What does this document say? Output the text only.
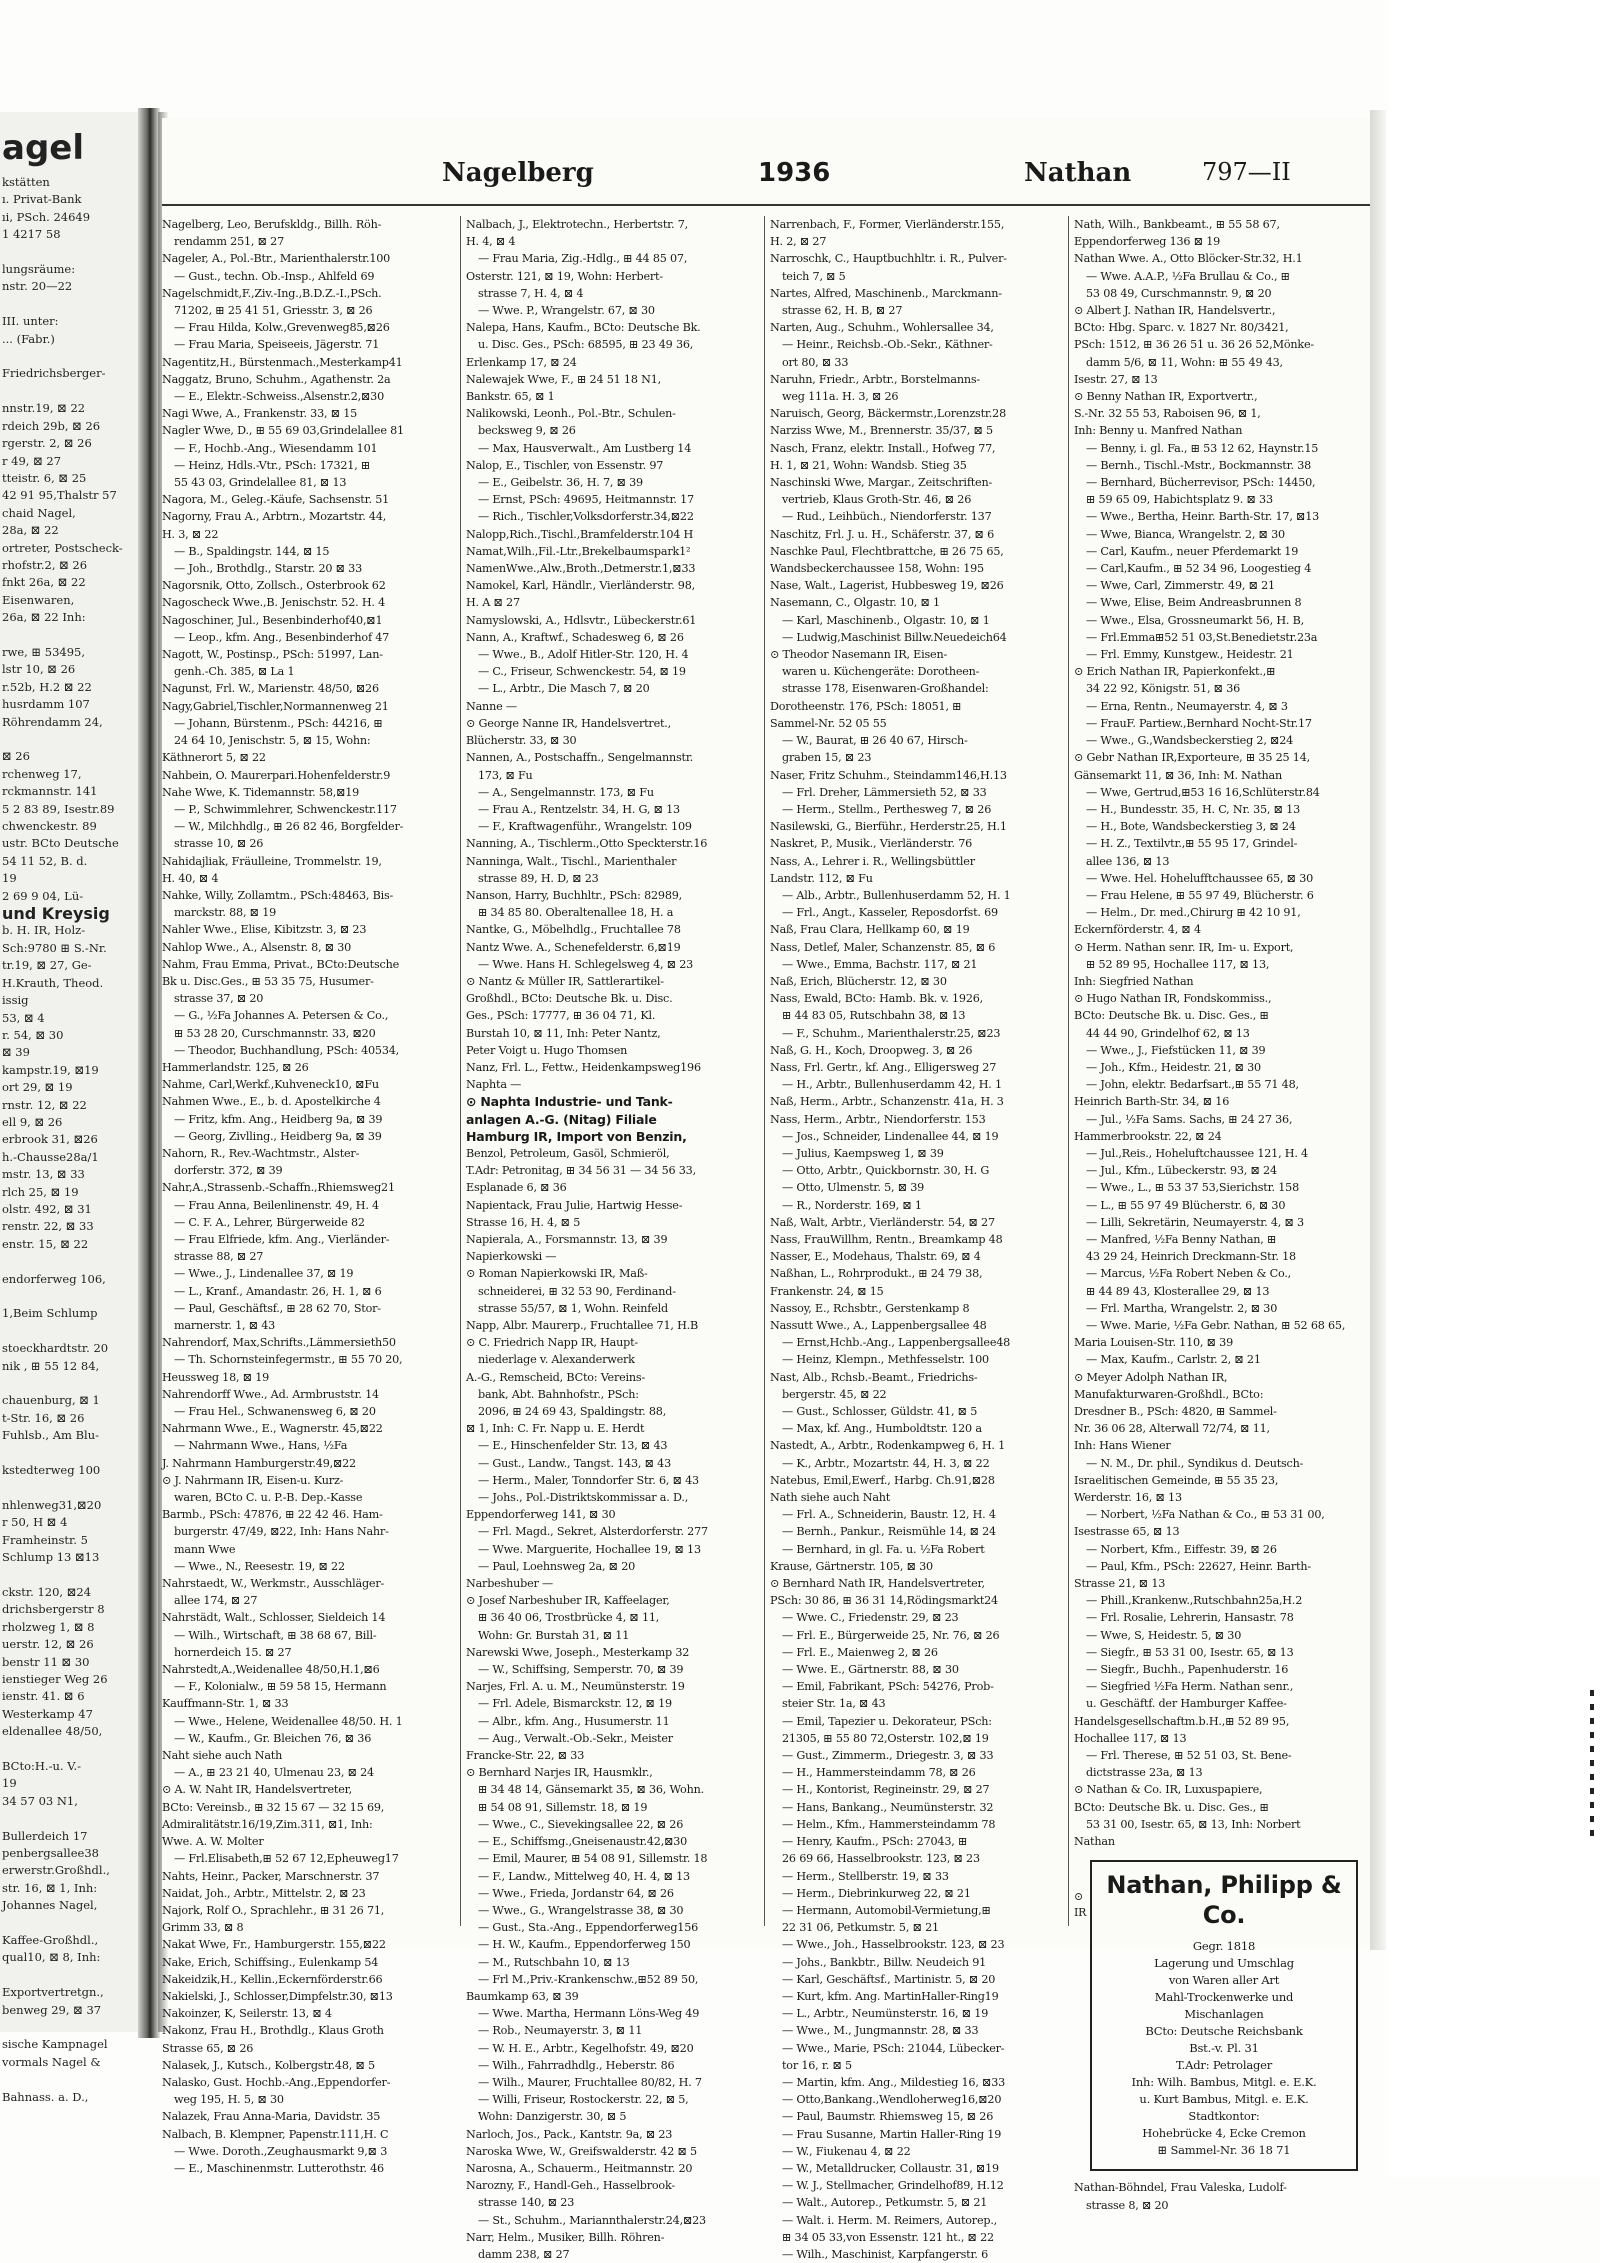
agel
kstätten
ı. Privat-Bank
ıi, PSch. 24649
1 4217 58

lungsräume:
nstr. 20—22

III. unter:
... (Fabr.)

Friedrichsberger-

nnstr.19, ⊠ 22
rdeich 29b, ⊠ 26
rgerstr. 2, ⊠ 26
r 49, ⊠ 27
tteistr. 6, ⊠ 25
42 91 95,Thalstr 57
chaid Nagel,
28a, ⊠ 22
ortreter, Postscheck-
rhofstr.2, ⊠ 26
fnkt 26a, ⊠ 22
Eisenwaren,
26a, ⊠ 22 Inh:

rwe, ⊞ 53495,
lstr 10, ⊠ 26
r.52b, H.2 ⊠ 22
husrdamm 107
Röhrendamm 24,

⊠ 26
rchenweg 17,
rckmannstr. 141
5 2 83 89, Isestr.89
chwenckestr. 89
ustr. BCto Deutsche
54 11 52, B. d.
19
2 69 9 04, Lü-
und Kreysig
b. H. IR, Holz-
Sch:9780 ⊞ S.-Nr.
tr.19, ⊠ 27, Ge-
H.Krauth, Theod.
issig
53, ⊠ 4
r. 54, ⊠ 30
⊠ 39
kampstr.19, ⊠19
ort 29, ⊠ 19
rnstr. 12, ⊠ 22
ell 9, ⊠ 26
erbrook 31, ⊠26
h.-Chausse28a/1
mstr. 13, ⊠ 33
rlch 25, ⊠ 19
olstr. 492, ⊠ 31
renstr. 22, ⊠ 33
enstr. 15, ⊠ 22

endorferweg 106,

1,Beim Schlump

stoeckhardtstr. 20
nik , ⊞ 55 12 84,

chauenburg, ⊠ 1
t-Str. 16, ⊠ 26
Fuhlsb., Am Blu-

kstedterweg 100

nhlenweg31,⊠20
r 50, H ⊠ 4
Framheinstr. 5
Schlump 13 ⊠13

ckstr. 120, ⊠24
drichsbergerstr 8
rholzweg 1, ⊠ 8
uerstr. 12, ⊠ 26
benstr 11 ⊠ 30
ienstieger Weg 26
ienstr. 41. ⊠ 6
Westerkamp 47
eldenallee 48/50,

BCto:H.-u. V.-
19
34 57 03 N1,

Bullerdeich 17
penbergsallee38
erwerstr.Großhdl.,
str. 16, ⊠ 1, Inh:
Johannes Nagel,

Kaffee-Großhdl.,
qual10, ⊠ 8, Inh:

Exportvertretgn.,
benweg 29, ⊠ 37

sische Kampnagel
vormals Nagel &

Bahnass. a. D.,
Nagelberg	1936	Nathan	797—II
Nagelberg, Leo, Berufskldg., Billh. Röh-
rendamm 251, ⊠ 27
Nageler, A., Pol.-Btr., Marienthalerstr.100
— Gust., techn. Ob.-Insp., Ahlfeld 69
Nagelschmidt,F.,Ziv.-Ing.,B.D.Z.-I.,PSch.
71202, ⊞ 25 41 51, Griesstr. 3, ⊠ 26
— Frau Hilda, Kolw.,Grevenweg85,⊠26
— Frau Maria, Speiseeis, Jägerstr. 71
Nagentitz,H., Bürstenmach.,Mesterkamp41
Naggatz, Bruno, Schuhm., Agathenstr. 2a
— E., Elektr.-Schweiss.,Alsenstr.2,⊠30
Nagi Wwe, A., Frankenstr. 33, ⊠ 15
Nagler Wwe, D., ⊞ 55 69 03,Grindelallee 81
— F., Hochb.-Ang., Wiesendamm 101
— Heinz, Hdls.-Vtr., PSch: 17321, ⊞
55 43 03, Grindelallee 81, ⊠ 13
Nagora, M., Geleg.-Käufe, Sachsenstr. 51
Nagorny, Frau A., Arbtrn., Mozartstr. 44,
H. 3, ⊠ 22
— B., Spaldingstr. 144, ⊠ 15
— Joh., Brothdlg., Starstr. 20 ⊠ 33
Nagorsnik, Otto, Zollsch., Osterbrook 62
Nagoscheck Wwe.,B. Jenischstr. 52. H. 4
Nagoschiner, Jul., Besenbinderhof40,⊠1
— Leop., kfm. Ang., Besenbinderhof 47
Nagott, W., Postinsp., PSch: 51997, Lan-
genh.-Ch. 385, ⊠ La 1
Nagunst, Frl. W., Marienstr. 48/50, ⊠26
Nagy,Gabriel,Tischler,Normannenweg 21
— Johann, Bürstenm., PSch: 44216, ⊞
24 64 10, Jenischstr. 5, ⊠ 15, Wohn:
Käthnerort 5, ⊠ 22
Nahbein, O. Maurerpari.Hohenfelderstr.9
Nahe Wwe, K. Tidemannstr. 58,⊠19
— P., Schwimmlehrer, Schwenckestr.117
— W., Milchhdlg., ⊞ 26 82 46, Borgfelder-
strasse 10, ⊠ 26
Nahidajliak, Fräulleine, Trommelstr. 19,
H. 40, ⊠ 4
Nahke, Willy, Zollamtm., PSch:48463, Bis-
marckstr. 88, ⊠ 19
Nahler Wwe., Elise, Kibitzstr. 3, ⊠ 23
Nahlop Wwe., A., Alsenstr. 8, ⊠ 30
Nahm, Frau Emma, Privat., BCto:Deutsche
Bk u. Disc.Ges., ⊞ 53 35 75, Husumer-
strasse 37, ⊠ 20
— G., ½Fa Johannes A. Petersen & Co.,
⊞ 53 28 20, Curschmannstr. 33, ⊠20
— Theodor, Buchhandlung, PSch: 40534,
Hammerlandstr. 125, ⊠ 26
Nahme, Carl,Werkf.,Kuhveneck10, ⊠Fu
Nahmen Wwe., E., b. d. Apostelkirche 4
— Fritz, kfm. Ang., Heidberg 9a, ⊠ 39
— Georg, Zivlling., Heidberg 9a, ⊠ 39
Nahorn, R., Rev.-Wachtmstr., Alster-
dorferstr. 372, ⊠ 39
Nahr,A.,Strassenb.-Schaffn.,Rhiemsweg21
— Frau Anna, Beilenlinenstr. 49, H. 4
— C. F. A., Lehrer, Bürgerweide 82
— Frau Elfriede, kfm. Ang., Vierländer-
strasse 88, ⊠ 27
— Wwe., J., Lindenallee 37, ⊠ 19
— L., Kranf., Amandastr. 26, H. 1, ⊠ 6
— Paul, Geschäftsf., ⊞ 28 62 70, Stor-
marnerstr. 1, ⊠ 43
Nahrendorf, Max,Schrifts.,Lämmersieth50
— Th. Schornsteinfegermstr., ⊞ 55 70 20,
Heussweg 18, ⊠ 19
Nahrendorff Wwe., Ad. Armbruststr. 14
— Frau Hel., Schwanensweg 6, ⊠ 20
Nahrmann Wwe., E., Wagnerstr. 45,⊠22
— Nahrmann Wwe., Hans, ½Fa
J. Nahrmann Hamburgerstr.49,⊠22
⊙ J. Nahrmann IR, Eisen-u. Kurz-
waren, BCto C. u. P.-B. Dep.-Kasse
Barmb., PSch: 47876, ⊞ 22 42 46. Ham-
burgerstr. 47/49, ⊠22, Inh: Hans Nahr-
mann Wwe
— Wwe., N., Reesestr. 19, ⊠ 22
Nahrstaedt, W., Werkmstr., Ausschläger-
allee 174, ⊠ 27
Nahrstädt, Walt., Schlosser, Sieldeich 14
— Wilh., Wirtschaft, ⊞ 38 68 67, Bill-
hornerdeich 15. ⊠ 27
Nahrstedt,A.,Weidenallee 48/50,H.1,⊠6
— F., Kolonialw., ⊞ 59 58 15, Hermann
Kauffmann-Str. 1, ⊠ 33
— Wwe., Helene, Weidenallee 48/50. H. 1
— W., Kaufm., Gr. Bleichen 76, ⊠ 36
Naht siehe auch Nath
— A., ⊞ 23 21 40, Ulmenau 23, ⊠ 24
⊙ A. W. Naht IR, Handelsvertreter,
BCto: Vereinsb., ⊞ 32 15 67 — 32 15 69,
Admiralitätstr.16/19,Zim.311, ⊠1, Inh:
Wwe. A. W. Molter
— Frl.Elisabeth,⊞ 52 67 12,Epheuweg17
Nahts, Heinr., Packer, Marschnerstr. 37
Naidat, Joh., Arbtr., Mittelstr. 2, ⊠ 23
Najork, Rolf O., Sprachlehr., ⊞ 31 26 71,
Grimm 33, ⊠ 8
Nakat Wwe, Fr., Hamburgerstr. 155,⊠22
Nake, Erich, Schiffsing., Eulenkamp 54
Nakeidzik,H., Kellin.,Eckernförderstr.66
Nakielski, J., Schlosser,Dimpfelstr.30, ⊠13
Nakoinzer, K, Seilerstr. 13, ⊠ 4
Nakonz, Frau H., Brothdlg., Klaus Groth
Strasse 65, ⊠ 26
Nalasek, J., Kutsch., Kolbergstr.48, ⊠ 5
Nalasko, Gust. Hochb.-Ang.,Eppendorfer-
weg 195, H. 5, ⊠ 30
Nalazek, Frau Anna-Maria, Davidstr. 35
Nalbach, B. Klempner, Papenstr.111,H. C
— Wwe. Doroth.,Zeughausmarkt 9,⊠ 3
— E., Maschinenmstr. Lutterothstr. 46
Nalbach, J., Elektrotechn., Herbertstr. 7,
H. 4, ⊠ 4
— Frau Maria, Zig.-Hdlg., ⊞ 44 85 07,
Osterstr. 121, ⊠ 19, Wohn: Herbert-
strasse 7, H. 4, ⊠ 4
— Wwe. P., Wrangelstr. 67, ⊠ 30
Nalepa, Hans, Kaufm., BCto: Deutsche Bk.
u. Disc. Ges., PSch: 68595, ⊞ 23 49 36,
Erlenkamp 17, ⊠ 24
Nalewajek Wwe, F., ⊞ 24 51 18 N1,
Bankstr. 65, ⊠ 1
Nalikowski, Leonh., Pol.-Btr., Schulen-
becksweg 9, ⊠ 26
— Max, Hausverwalt., Am Lustberg 14
Nalop, E., Tischler, von Essenstr. 97
— E., Geibelstr. 36, H. 7, ⊠ 39
— Ernst, PSch: 49695, Heitmannstr. 17
— Rich., Tischler,Volksdorferstr.34,⊠22
Nalopp,Rich.,Tischl.,Bramfelderstr.104 H
Namat,Wilh.,Fil.-Ltr.,Brekelbaumspark1²
NamenWwe.,Alw.,Broth.,Detmerstr.1,⊠33
Namokel, Karl, Händlr., Vierländerstr. 98,
H. A ⊠ 27
Namyslowski, A., Hdlsvtr., Lübeckerstr.61
Nann, A., Kraftwf., Schadesweg 6, ⊠ 26
— Wwe., B., Adolf Hitler-Str. 120, H. 4
— C., Friseur, Schwenckestr. 54, ⊠ 19
— L., Arbtr., Die Masch 7, ⊠ 20
Nanne —
⊙ George Nanne IR, Handelsvertret.,
Blücherstr. 33, ⊠ 30
Nannen, A., Postschaffn., Sengelmannstr.
173, ⊠ Fu
— A., Sengelmannstr. 173, ⊠ Fu
— Frau A., Rentzelstr. 34, H. G, ⊠ 13
— F., Kraftwagenführ., Wrangelstr. 109
Nanning, A., Tischlerm.,Otto Speckterstr.16
Nanninga, Walt., Tischl., Marienthaler
strasse 89, H. D, ⊠ 23
Nanson, Harry, Buchhltr., PSch: 82989,
⊞ 34 85 80. Oberaltenallee 18, H. a
Nantke, G., Möbelhdlg., Fruchtallee 78
Nantz Wwe. A., Schenefelderstr. 6,⊠19
— Wwe. Hans H. Schlegelsweg 4, ⊠ 23
⊙ Nantz & Müller IR, Sattlerartikel-
Großhdl., BCto: Deutsche Bk. u. Disc.
Ges., PSch: 17777, ⊞ 36 04 71, Kl.
Burstah 10, ⊠ 11, Inh: Peter Nantz,
Peter Voigt u. Hugo Thomsen
Nanz, Frl. L., Fettw., Heidenkampsweg196
Naphta —
⊙ Naphta Industrie- und Tank-
anlagen A.-G. (Nitag) Filiale
Hamburg IR, Import von Benzin,
Benzol, Petroleum, Gasöl, Schmieröl,
T.Adr: Petronitag, ⊞ 34 56 31 — 34 56 33,
Esplanade 6, ⊠ 36
Napientack, Frau Julie, Hartwig Hesse-
Strasse 16, H. 4, ⊠ 5
Napierala, A., Forsmannstr. 13, ⊠ 39
Napierkowski —
⊙ Roman Napierkowski IR, Maß-
schneiderei, ⊞ 32 53 90, Ferdinand-
strasse 55/57, ⊠ 1, Wohn. Reinfeld
Napp, Albr. Maurerp., Fruchtallee 71, H.B
⊙ C. Friedrich Napp IR, Haupt-
niederlage v. Alexanderwerk
A.-G., Remscheid, BCto: Vereins-
bank, Abt. Bahnhofstr., PSch:
2096, ⊞ 24 69 43, Spaldingstr. 88,
⊠ 1, Inh: C. Fr. Napp u. E. Herdt
— E., Hinschenfelder Str. 13, ⊠ 43
— Gust., Landw., Tangst. 143, ⊠ 43
— Herm., Maler, Tonndorfer Str. 6, ⊠ 43
— Johs., Pol.-Distriktskommissar a. D.,
Eppendorferweg 141, ⊠ 30
— Frl. Magd., Sekret, Alsterdorferstr. 277
— Wwe. Marguerite, Hochallee 19, ⊠ 13
— Paul, Loehnsweg 2a, ⊠ 20
Narbeshuber —
⊙ Josef Narbeshuber IR, Kaffeelager,
⊞ 36 40 06, Trostbrücke 4, ⊠ 11,
Wohn: Gr. Burstah 31, ⊠ 11
Narewski Wwe, Joseph., Mesterkamp 32
— W., Schiffsing, Semperstr. 70, ⊠ 39
Narjes, Frl. A. u. M., Neumünsterstr. 19
— Frl. Adele, Bismarckstr. 12, ⊠ 19
— Albr., kfm. Ang., Husumerstr. 11
— Aug., Verwalt.-Ob.-Sekr., Meister
Francke-Str. 22, ⊠ 33
⊙ Bernhard Narjes IR, Hausmklr.,
⊞ 34 48 14, Gänsemarkt 35, ⊠ 36, Wohn.
⊞ 54 08 91, Sillemstr. 18, ⊠ 19
— Wwe., C., Sievekingsallee 22, ⊠ 26
— E., Schiffsmg.,Gneisenaustr.42,⊠30
— Emil, Maurer, ⊞ 54 08 91, Sillemstr. 18
— F., Landw., Mittelweg 40, H. 4, ⊠ 13
— Wwe., Frieda, Jordanstr 64, ⊠ 26
— Wwe., G., Wrangelstrasse 38, ⊠ 30
— Gust., Sta.-Ang., Eppendorferweg156
— H. W., Kaufm., Eppendorferweg 150
— M., Rutschbahn 10, ⊠ 13
— Frl M.,Priv.-Krankenschw.,⊞52 89 50,
Baumkamp 63, ⊠ 39
— Wwe. Martha, Hermann Löns-Weg 49
— Rob., Neumayerstr. 3, ⊠ 11
— W. H. E., Arbtr., Kegelhofstr. 49, ⊠20
— Wilh., Fahrradhdlg., Heberstr. 86
— Wilh., Maurer, Fruchtallee 80/82, H. 7
— Willi, Friseur, Rostockerstr. 22, ⊠ 5,
Wohn: Danzigerstr. 30, ⊠ 5
Narloch, Jos., Pack., Kantstr. 9a, ⊠ 23
Naroska Wwe, W., Greifswalderstr. 42 ⊠ 5
Narosna, A., Schauerm., Heitmannstr. 20
Narozny, F., Handl-Geh., Hasselbrook-
strasse 140, ⊠ 23
— St., Schuhm., Mariannthalerstr.24,⊠23
Narr, Helm., Musiker, Billh. Röhren-
damm 238, ⊠ 27
Narrenbach, F., Former, Vierländerstr.155,
H. 2, ⊠ 27
Narroschk, C., Hauptbuchhltr. i. R., Pulver-
teich 7, ⊠ 5
Nartes, Alfred, Maschinenb., Marckmann-
strasse 62, H. B, ⊠ 27
Narten, Aug., Schuhm., Wohlersallee 34,
— Heinr., Reichsb.-Ob.-Sekr., Käthner-
ort 80, ⊠ 33
Naruhn, Friedr., Arbtr., Borstelmanns-
weg 111a. H. 3, ⊠ 26
Naruisch, Georg, Bäckermstr.,Lorenzstr.28
Narziss Wwe, M., Brennerstr. 35/37, ⊠ 5
Nasch, Franz, elektr. Install., Hofweg 77,
H. 1, ⊠ 21, Wohn: Wandsb. Stieg 35
Naschinski Wwe, Margar., Zeitschriften-
vertrieb, Klaus Groth-Str. 46, ⊠ 26
— Rud., Leihbüch., Niendorferstr. 137
Naschitz, Frl. J. u. H., Schäferstr. 37, ⊠ 6
Naschke Paul, Flechtbrattche, ⊞ 26 75 65,
Wandsbeckerchaussee 158, Wohn: 195
Nase, Walt., Lagerist, Hubbesweg 19, ⊠26
Nasemann, C., Olgastr. 10, ⊠ 1
— Karl, Maschinenb., Olgastr. 10, ⊠ 1
— Ludwig,Maschinist Billw.Neuedeich64
⊙ Theodor Nasemann IR, Eisen-
waren u. Küchengeräte: Dorotheen-
strasse 178, Eisenwaren-Großhandel:
Dorotheenstr. 176, PSch: 18051, ⊞
Sammel-Nr. 52 05 55
— W., Baurat, ⊞ 26 40 67, Hirsch-
graben 15, ⊠ 23
Naser, Fritz Schuhm., Steindamm146,H.13
— Frl. Dreher, Lämmersieth 52, ⊠ 33
— Herm., Stellm., Perthesweg 7, ⊠ 26
Nasilewski, G., Bierführ., Herderstr.25, H.1
Naskret, P., Musik., Vierländerstr. 76
Nass, A., Lehrer i. R., Wellingsbüttler
Landstr. 112, ⊠ Fu
— Alb., Arbtr., Bullenhuserdamm 52, H. 1
— Frl., Angt., Kasseler, Reposdorfst. 69
Naß, Frau Clara, Hellkamp 60, ⊠ 19
Nass, Detlef, Maler, Schanzenstr. 85, ⊠ 6
— Wwe., Emma, Bachstr. 117, ⊠ 21
Naß, Erich, Blücherstr. 12, ⊠ 30
Nass, Ewald, BCto: Hamb. Bk. v. 1926,
⊞ 44 83 05, Rutschbahn 38, ⊠ 13
— F., Schuhm., Marienthalerstr.25, ⊠23
Naß, G. H., Koch, Droopweg. 3, ⊠ 26
Nass, Frl. Gertr., kf. Ang., Elligersweg 27
— H., Arbtr., Bullenhuserdamm 42, H. 1
Naß, Herm., Arbtr., Schanzenstr. 41a, H. 3
Nass, Herm., Arbtr., Niendorferstr. 153
— Jos., Schneider, Lindenallee 44, ⊠ 19
— Julius, Kaempsweg 1, ⊠ 39
— Otto, Arbtr., Quickbornstr. 30, H. G
— Otto, Ulmenstr. 5, ⊠ 39
— R., Norderstr. 169, ⊠ 1
Naß, Walt, Arbtr., Vierländerstr. 54, ⊠ 27
Nass, FrauWillhm, Rentn., Breamkamp 48
Nasser, E., Modehaus, Thalstr. 69, ⊠ 4
Naßhan, L., Rohrprodukt., ⊞ 24 79 38,
Frankenstr. 24, ⊠ 15
Nassoy, E., Rchsbtr., Gerstenkamp 8
Nassutt Wwe., A., Lappenbergsallee 48
— Ernst,Hchb.-Ang., Lappenbergsallee48
— Heinz, Klempn., Methfesselstr. 100
Nast, Alb., Rchsb.-Beamt., Friedrichs-
bergerstr. 45, ⊠ 22
— Gust., Schlosser, Güldstr. 41, ⊠ 5
— Max, kf. Ang., Humboldtstr. 120 a
Nastedt, A., Arbtr., Rodenkampweg 6, H. 1
— K., Arbtr., Mozartstr. 44, H. 3, ⊠ 22
Natebus, Emil,Ewerf., Harbg. Ch.91,⊠28
Nath siehe auch Naht
— Frl. A., Schneiderin, Baustr. 12, H. 4
— Bernh., Pankur., Reismühle 14, ⊠ 24
— Bernhard, in gl. Fa. u. ½Fa Robert
Krause, Gärtnerstr. 105, ⊠ 30
⊙ Bernhard Nath IR, Handelsvertreter,
PSch: 30 86, ⊞ 36 31 14,Rödingsmarkt24
— Wwe. C., Friedenstr. 29, ⊠ 23
— Frl. E., Bürgerweide 25, Nr. 76, ⊠ 26
— Frl. E., Maienweg 2, ⊠ 26
— Wwe. E., Gärtnerstr. 88, ⊠ 30
— Emil, Fabrikant, PSch: 54276, Prob-
steier Str. 1a, ⊠ 43
— Emil, Tapezier u. Dekorateur, PSch:
21305, ⊞ 55 80 72,Osterstr. 102,⊠ 19
— Gust., Zimmerm., Driegestr. 3, ⊠ 33
— H., Hammersteindamm 78, ⊠ 26
— H., Kontorist, Regineinstr. 29, ⊠ 27
— Hans, Bankang., Neumünsterstr. 32
— Helm., Kfm., Hammersteindamm 78
— Henry, Kaufm., PSch: 27043, ⊞
26 69 66, Hasselbrookstr. 123, ⊠ 23
— Herm., Stellberstr. 19, ⊠ 33
— Herm., Diebrinkurweg 22, ⊠ 21
— Hermann, Automobil-Vermietung,⊞
22 31 06, Petkumstr. 5, ⊠ 21
— Wwe., Joh., Hasselbrookstr. 123, ⊠ 23
— Johs., Bankbtr., Billw. Neudeich 91
— Karl, Geschäftsf., Martinistr. 5, ⊠ 20
— Kurt, kfm. Ang. MartinHaller-Ring19
— L., Arbtr., Neumünsterstr. 16, ⊠ 19
— Wwe., M., Jungmannstr. 28, ⊠ 33
— Wwe., Marie, PSch: 21044, Lübecker-
tor 16, r. ⊠ 5
— Martin, kfm. Ang., Mildestieg 16, ⊠33
— Otto,Bankang.,Wendloherweg16,⊠20
— Paul, Baumstr. Rhiemsweg 15, ⊠ 26
— Frau Susanne, Martin Haller-Ring 19
— W., Fiukenau 4, ⊠ 22
— W., Metalldrucker, Collaustr. 31, ⊠19
— W. J., Stellmacher, Grindelhof89, H.12
— Walt., Autorep., Petkumstr. 5, ⊠ 21
— Walt. i. Herm. M. Reimers, Autorep.,
⊞ 34 05 33,von Essenstr. 121 ht., ⊠ 22
— Wilh., Maschinist, Karpfangerstr. 6
Nath, Wilh., Bankbeamt., ⊞ 55 58 67,
Eppendorferweg 136 ⊠ 19
Nathan Wwe. A., Otto Blöcker-Str.32, H.1
— Wwe. A.A.P., ½Fa Brullau & Co., ⊞
53 08 49, Curschmannstr. 9, ⊠ 20
⊙ Albert J. Nathan IR, Handelsvertr.,
BCto: Hbg. Sparc. v. 1827 Nr. 80/3421,
PSch: 1512, ⊞ 36 26 51 u. 36 26 52,Mönke-
damm 5/6, ⊠ 11, Wohn: ⊞ 55 49 43,
Isestr. 27, ⊠ 13
⊙ Benny Nathan IR, Exportvertr.,
S.-Nr. 32 55 53, Raboisen 96, ⊠ 1,
Inh: Benny u. Manfred Nathan
— Benny, i. gl. Fa., ⊞ 53 12 62, Haynstr.15
— Bernh., Tischl.-Mstr., Bockmannstr. 38
— Bernhard, Bücherrevisor, PSch: 14450,
⊞ 59 65 09, Habichtsplatz 9. ⊠ 33
— Wwe., Bertha, Heinr. Barth-Str. 17, ⊠13
— Wwe, Bianca, Wrangelstr. 2, ⊠ 30
— Carl, Kaufm., neuer Pferdemarkt 19
— Carl,Kaufm., ⊞ 52 34 96, Loogestieg 4
— Wwe, Carl, Zimmerstr. 49, ⊠ 21
— Wwe, Elise, Beim Andreasbrunnen 8
— Wwe., Elsa, Grossneumarkt 56, H. B,
— Frl.Emma⊞52 51 03,St.Benedietstr.23a
— Frl. Emmy, Kunstgew., Heidestr. 21
⊙ Erich Nathan IR, Papierkonfekt.,⊞
34 22 92, Königstr. 51, ⊠ 36
— Erna, Rentn., Neumayerstr. 4, ⊠ 3
— FrauF. Partiew.,Bernhard Nocht-Str.17
— Wwe., G.,Wandsbeckerstieg 2, ⊠24
⊙ Gebr Nathan IR,Exporteure, ⊞ 35 25 14,
Gänsemarkt 11, ⊠ 36, Inh: M. Nathan
— Wwe, Gertrud,⊞53 16 16,Schlüterstr.84
— H., Bundesstr. 35, H. C, Nr. 35, ⊠ 13
— H., Bote, Wandsbeckerstieg 3, ⊠ 24
— H. Z., Textilvtr.,⊞ 55 95 17, Grindel-
allee 136, ⊠ 13
— Wwe. Hel. Hohelufftchaussee 65, ⊠ 30
— Frau Helene, ⊞ 55 97 49, Blücherstr. 6
— Helm., Dr. med.,Chirurg ⊞ 42 10 91,
Eckernförderstr. 4, ⊠ 4
⊙ Herm. Nathan senr. IR, Im- u. Export,
⊞ 52 89 95, Hochallee 117, ⊠ 13,
Inh: Siegfried Nathan
⊙ Hugo Nathan IR, Fondskommiss.,
BCto: Deutsche Bk. u. Disc. Ges., ⊞
44 44 90, Grindelhof 62, ⊠ 13
— Wwe., J., Fiefstücken 11, ⊠ 39
— Joh., Kfm., Heidestr. 21, ⊠ 30
— John, elektr. Bedarfsart.,⊞ 55 71 48,
Heinrich Barth-Str. 34, ⊠ 16
— Jul., ½Fa Sams. Sachs, ⊞ 24 27 36,
Hammerbrookstr. 22, ⊠ 24
— Jul.,Reis., Hoheluftchaussee 121, H. 4
— Jul., Kfm., Lübeckerstr. 93, ⊠ 24
— Wwe., L., ⊞ 53 37 53,Sierichstr. 158
— L., ⊞ 55 97 49 Blücherstr. 6, ⊠ 30
— Lilli, Sekretärin, Neumayerstr. 4, ⊠ 3
— Manfred, ½Fa Benny Nathan, ⊞
43 29 24, Heinrich Dreckmann-Str. 18
— Marcus, ½Fa Robert Neben & Co.,
⊞ 44 89 43, Klosterallee 29, ⊠ 13
— Frl. Martha, Wrangelstr. 2, ⊠ 30
— Wwe. Marie, ½Fa Gebr. Nathan, ⊞ 52 68 65,
Maria Louisen-Str. 110, ⊠ 39
— Max, Kaufm., Carlstr. 2, ⊠ 21
⊙ Meyer Adolph Nathan IR,
Manufakturwaren-Großhdl., BCto:
Dresdner B., PSch: 4820, ⊞ Sammel-
Nr. 36 06 28, Alterwall 72/74, ⊠ 11,
Inh: Hans Wiener
— N. M., Dr. phil., Syndikus d. Deutsch-
Israelitischen Gemeinde, ⊞ 55 35 23,
Werderstr. 16, ⊠ 13
— Norbert, ½Fa Nathan & Co., ⊞ 53 31 00,
Isestrasse 65, ⊠ 13
— Norbert, Kfm., Eiffestr. 39, ⊠ 26
— Paul, Kfm., PSch: 22627, Heinr. Barth-
Strasse 21, ⊠ 13
— Phill.,Krankenw.,Rutschbahn25a,H.2
— Frl. Rosalie, Lehrerin, Hansastr. 78
— Wwe, S, Heidestr. 5, ⊠ 30
— Siegfr., ⊞ 53 31 00, Isestr. 65, ⊠ 13
— Siegfr., Buchh., Papenhuderstr. 16
— Siegfried ½Fa Herm. Nathan senr.,
u. Geschäftf. der Hamburger Kaffee-
Handelsgesellschaftm.b.H.,⊞ 52 89 95,
Hochallee 117, ⊠ 13
— Frl. Therese, ⊞ 52 51 03, St. Bene-
dictstrasse 23a, ⊠ 13
⊙ Nathan & Co. IR, Luxuspapiere,
BCto: Deutsche Bk. u. Disc. Ges., ⊞
53 31 00, Isestr. 65, ⊠ 13, Inh: Norbert
Nathan
⊙
IR
Nathan, Philipp & Co.
Gegr. 1818
Lagerung und Umschlag
von Waren aller Art
Mahl-Trockenwerke und
Mischanlagen
BCto: Deutsche Reichsbank
Bst.-v. Pl. 31
T.Adr: Petrolager
Inh: Wilh. Bambus, Mitgl. e. E.K.
u. Kurt Bambus, Mitgl. e. E.K.
Stadtkontor:
Hohebrücke 4, Ecke Cremon
⊞ Sammel-Nr. 36 18 71
Nathan-Böhndel, Frau Valeska, Ludolf-
strasse 8, ⊠ 20
